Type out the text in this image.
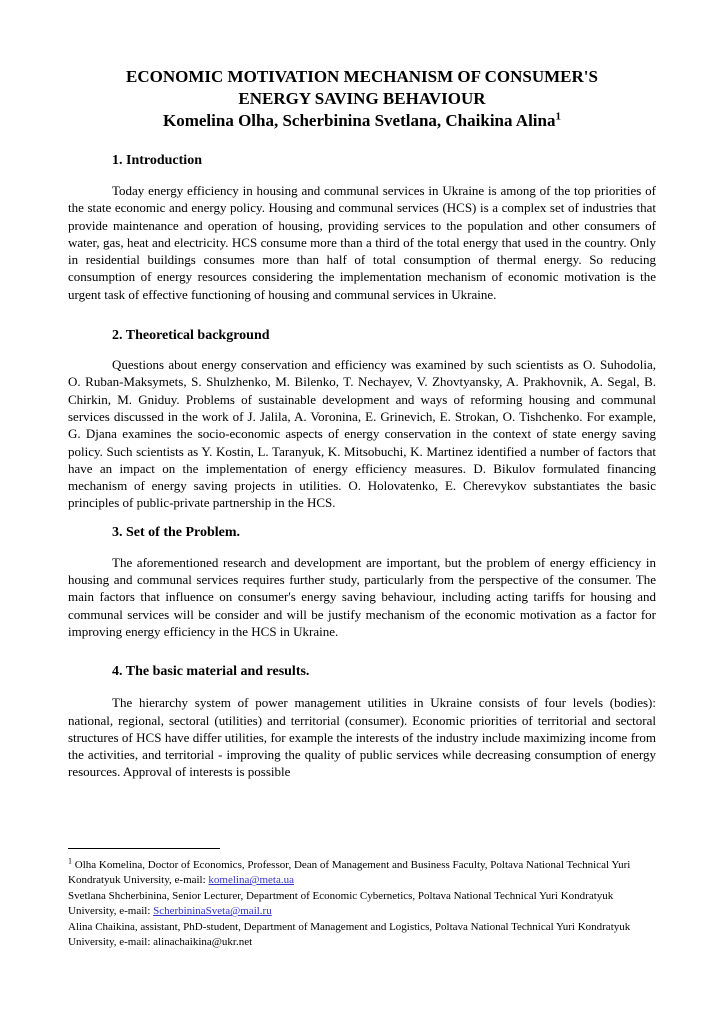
ECONOMIC MOTIVATION MECHANISM OF CONSUMER'S
ENERGY SAVING BEHAVIOUR
Komelina Olha, Scherbinina Svetlana, Chaikina Alina$^1$
1. Introduction

Today energy efficiency in housing and communal services in Ukraine is among of the top priorities of the state economic and energy policy. Housing and communal services (HCS) is a complex set of industries that provide maintenance and operation of housing, providing services to the population and other consumers of water, gas, heat and electricity. HCS consume more than a third of the total energy that used in the country. Only in residential buildings consumes more than half of total consumption of thermal energy. So reducing consumption of energy resources considering the implementation mechanism of economic motivation is the urgent task of effective functioning of housing and communal services in Ukraine.

2. Theoretical background

Questions about energy conservation and efficiency was examined by such scientists as O. Suhodolia, O. Ruban-Maksymets, S. Shulzhenko, M. Bilenko, T. Nechayev, V. Zhovtyansky, A. Prakhovnik, A. Segal, B. Chirkin, M. Gniduy. Problems of sustainable development and ways of reforming housing and communal services discussed in the work of J. Jalila, A. Voronina, E. Grinevich, E. Strokan, O. Tishchenko. For example, G. Djana examines the socio-economic aspects of energy conservation in the context of state energy saving policy. Such scientists as Y. Kostin, L. Taranyuk, K. Mitsobuchi, K. Martinez identified a number of factors that have an impact on the implementation of energy efficiency measures. D. Bikulov formulated financing mechanism of energy saving projects in utilities. O. Holovatenko, E. Cherevykov substantiates the basic principles of public-private partnership in the HCS.

3. Set of the Problem.

The aforementioned research and development are important, but the problem of energy efficiency in housing and communal services requires further study, particularly from the perspective of the consumer. The main factors that influence on consumer's energy saving behaviour, including acting tariffs for housing and communal services will be consider and will be justify mechanism of the economic motivation as a factor for improving energy efficiency in the HCS in Ukraine.

4. The basic material and results.

The hierarchy system of power management utilities in Ukraine consists of four levels (bodies): national, regional, sectoral (utilities) and territorial (consumer). Economic priorities of territorial and sectoral structures of HCS have differ utilities, for example the interests of the industry include maximizing income from the activities, and territorial - improving the quality of public services while decreasing consumption of energy resources. Approval of interests is possible

$^1$ Olha Komelina, Doctor of Economics, Professor, Dean of Management and Business Faculty, Poltava National Technical Yuri Kondratyuk University, e-mail: komelina@meta.ua
Svetlana Shcherbinina, Senior Lecturer, Department of Economic Cybernetics, Poltava National Technical Yuri Kondratyuk University, e-mail: ScherbininaSveta@mail.ru
Alina Chaikina, assistant, PhD-student, Department of Management and Logistics, Poltava National Technical Yuri Kondratyuk University, e-mail: alinachaikina@ukr.net
